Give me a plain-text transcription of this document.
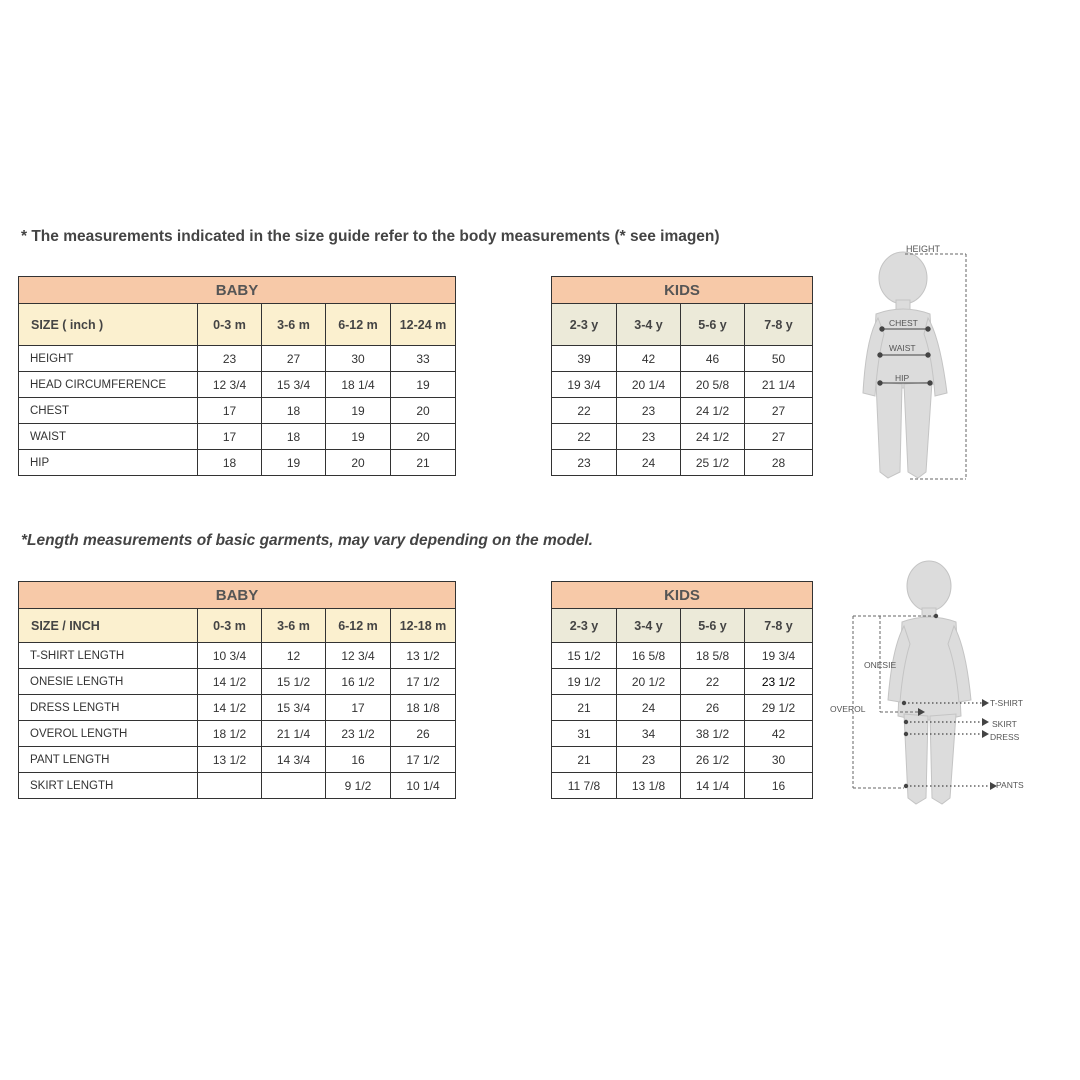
* The measurements indicated in the size guide refer to the body measurements (* see imagen)
*Length measurements of basic garments, may vary depending on the model.
BABY				
SIZE ( inch )	0-3 m	3-6 m	6-12 m	12-24 m
HEIGHT	23	27	30	33
HEAD CIRCUMFERENCE	12 3/4	15 3/4	18 1/4	19
CHEST	17	18	19	20
WAIST	17	18	19	20
HIP	18	19	20	21
KIDS			
2-3 y	3-4 y	5-6 y	7-8 y
39	42	46	50
19 3/4	20 1/4	20 5/8	21 1/4
22	23	24 1/2	27
22	23	24 1/2	27
23	24	25 1/2	28
BABY				
SIZE / INCH	0-3 m	3-6 m	6-12 m	12-18 m
T-SHIRT LENGTH	10 3/4	12	12 3/4	13 1/2
ONESIE LENGTH	14 1/2	15 1/2	16 1/2	17 1/2
DRESS LENGTH	14 1/2	15 3/4	17	18 1/8
OVEROL LENGTH	18 1/2	21 1/4	23 1/2	26
PANT LENGTH	13 1/2	14 3/4	16	17 1/2
SKIRT LENGTH			9 1/2	10 1/4
KIDS			
2-3 y	3-4 y	5-6 y	7-8 y
15 1/2	16 5/8	18 5/8	19 3/4
19 1/2	20 1/2	22	23 1/2
21	24	26	29 1/2
31	34	38 1/2	42
21	23	26 1/2	30
11 7/8	13 1/8	14 1/4	16
HEIGHT
CHEST
WAIST
HIP
ONESIE
OVEROL
T-SHIRT
SKIRT
DRESS
PANTS
